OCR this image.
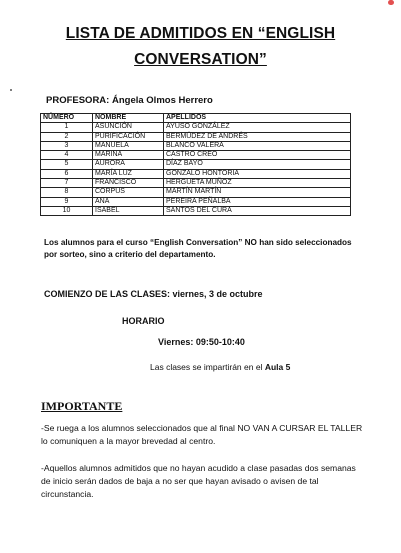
LISTA DE ADMITIDOS EN “ENGLISH
CONVERSATION”
PROFESORA: Ángela Olmos Herrero
NÚMERO	NOMBRE	APELLIDOS
1	ASUNCIÓN	AYUSO GONZÁLEZ
2	PURIFICACIÓN	BERMÚDEZ DE ANDRÉS
3	MANUELA	BLANCO VALERA
4	MARINA	CASTRO CREO
5	AURORA	DÍAZ BAYO
6	MARÍA LUZ	GONZALO HONTORIA
7	FRANCISCO	HERGUETA MUÑOZ
8	CORPUS	MARTÍN MARTÍN
9	ANA	PEREIRA PEÑALBA
10	ISABEL	SANTOS DEL CURA
Los alumnos para el curso “English Conversation” NO han sido seleccionados por sorteo, sino a criterio del departamento.
COMIENZO DE LAS CLASES: viernes, 3 de octubre
HORARIO
Viernes: 09:50-10:40
Las clases se impartirán en el Aula 5
IMPORTANTE
-Se ruega a los alumnos seleccionados que al final NO VAN A CURSAR EL TALLER lo comuniquen a la mayor brevedad al centro.
-Aquellos alumnos admitidos que no hayan acudido a clase pasadas dos semanas de inicio serán dados de baja a no ser que hayan avisado o avisen de tal circunstancia.
